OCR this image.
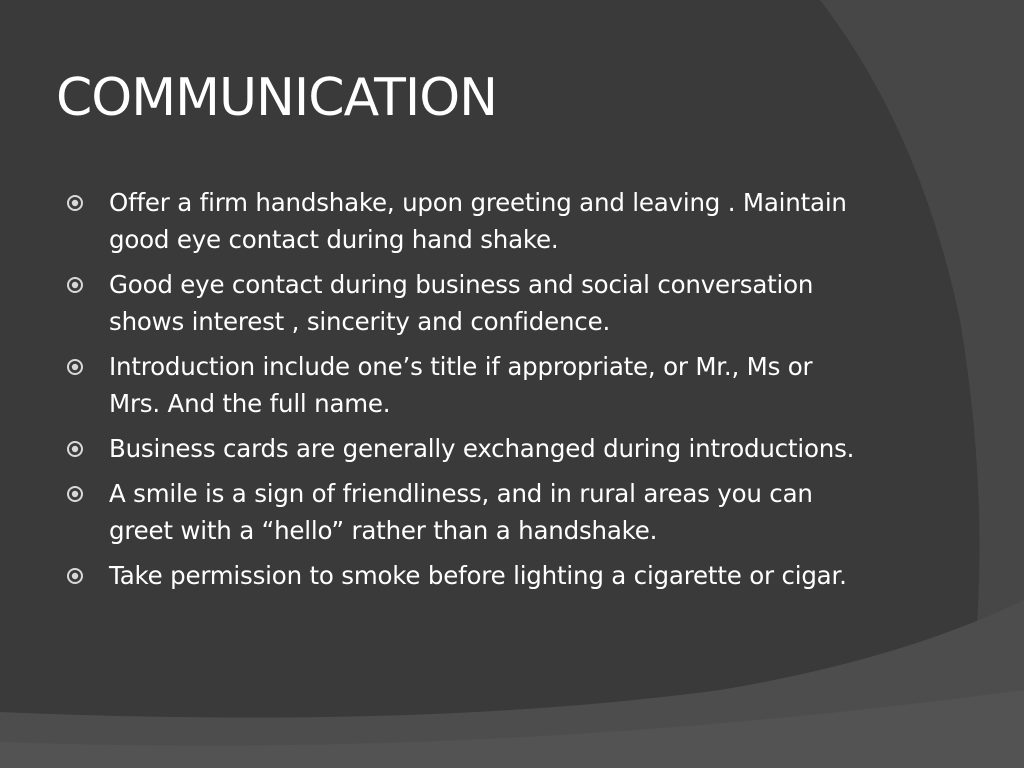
COMMUNICATION
Offer a firm handshake, upon greeting and leaving . Maintain good eye contact during hand shake.
Good eye contact during business and social conversation shows interest , sincerity and confidence.
Introduction include one’s title if appropriate, or Mr., Ms or Mrs. And the full name.
Business cards are generally exchanged during introductions.
A smile is a sign of friendliness, and in rural areas you can greet with a “hello” rather than a handshake.
Take permission to smoke before lighting a cigarette or cigar.
